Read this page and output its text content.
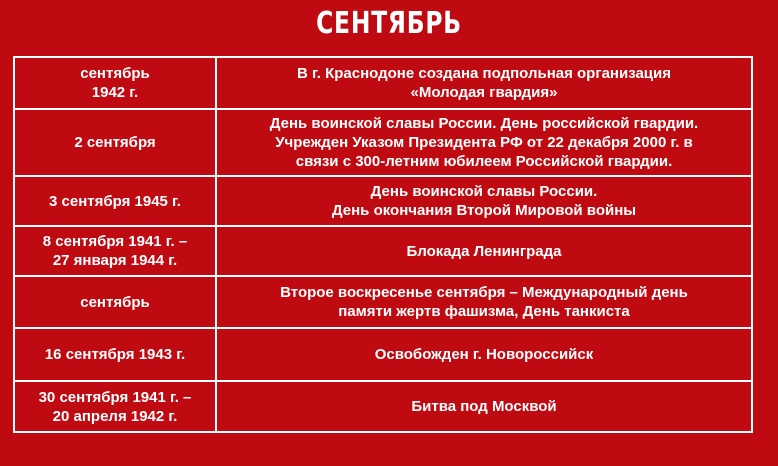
СЕНТЯБРЬ
сентябрь
1942 г.	В г. Краснодоне создана подпольная организация
«Молодая гвардия»
2 сентября	День воинской славы России. День российской гвардии.
Учрежден Указом Президента РФ от 22 декабря 2000 г. в
связи с 300-летним юбилеем Российской гвардии.
3 сентября 1945 г.	День воинской славы России.
День окончания Второй Мировой войны
8 сентября 1941 г. –
27 января 1944 г.	Блокада Ленинграда
сентябрь	Второе воскресенье сентября – Международный день
памяти жертв фашизма, День танкиста
16 сентября 1943 г.	Освобожден г. Новороссийск
30 сентября 1941 г. –
20 апреля 1942 г.	Битва под Москвой
